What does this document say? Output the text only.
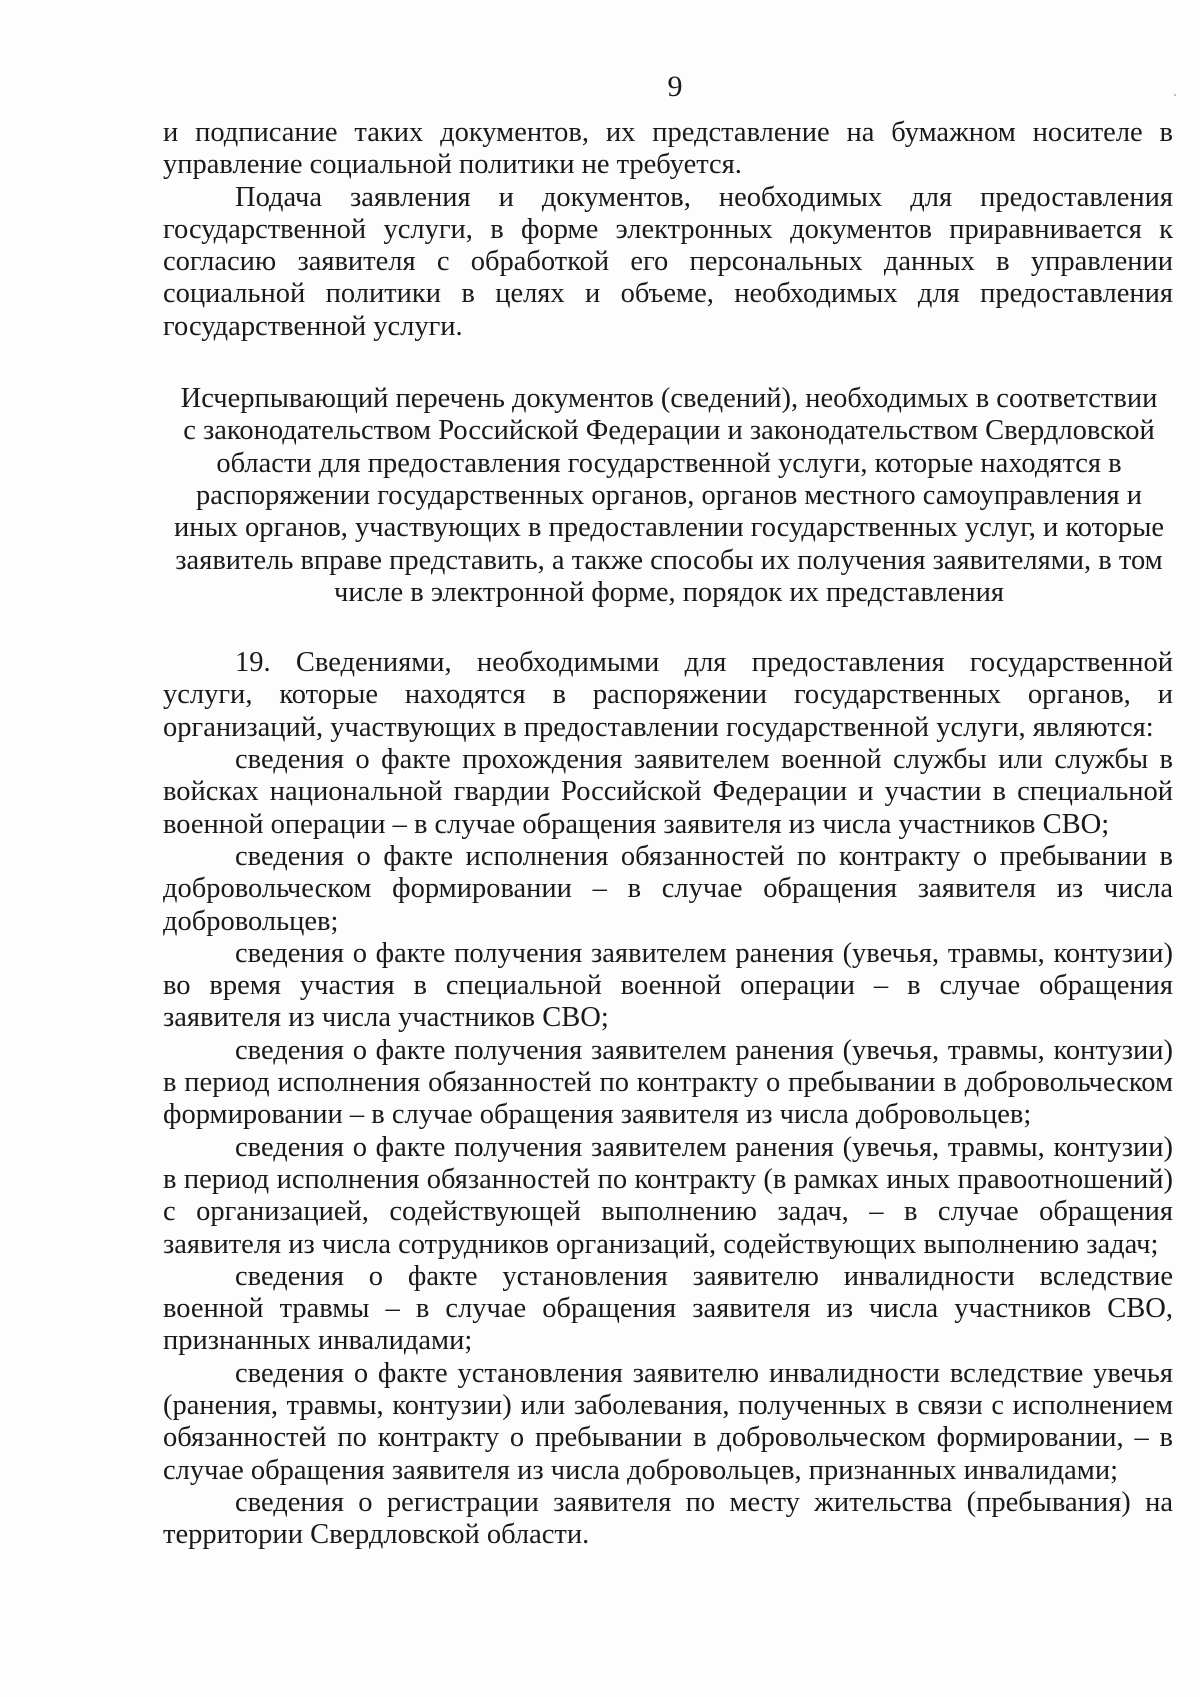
9

и подписание таких документов, их представление на бумажном носителе в управление социальной политики не требуется.

Подача заявления и документов, необходимых для предоставления государственной услуги, в форме электронных документов приравнивается к согласию заявителя с обработкой его персональных данных в управлении социальной политики в целях и объеме, необходимых для предоставления государственной услуги.

Исчерпывающий перечень документов (сведений), необходимых в соответствии с законодательством Российской Федерации и законодательством Свердловской области для предоставления государственной услуги, которые находятся в распоряжении государственных органов, органов местного самоуправления и иных органов, участвующих в предоставлении государственных услуг, и которые заявитель вправе представить, а также способы их получения заявителями, в том числе в электронной форме, порядок их представления

19. Сведениями, необходимыми для предоставления государственной услуги, которые находятся в распоряжении государственных органов, и организаций, участвующих в предоставлении государственной услуги, являются:

сведения о факте прохождения заявителем военной службы или службы в войсках национальной гвардии Российской Федерации и участии в специальной военной операции – в случае обращения заявителя из числа участников СВО;

сведения о факте исполнения обязанностей по контракту о пребывании в добровольческом формировании – в случае обращения заявителя из числа добровольцев;

сведения о факте получения заявителем ранения (увечья, травмы, контузии) во время участия в специальной военной операции – в случае обращения заявителя из числа участников СВО;

сведения о факте получения заявителем ранения (увечья, травмы, контузии) в период исполнения обязанностей по контракту о пребывании в добровольческом формировании – в случае обращения заявителя из числа добровольцев;

сведения о факте получения заявителем ранения (увечья, травмы, контузии) в период исполнения обязанностей по контракту (в рамках иных правоотношений) с организацией, содействующей выполнению задач, – в случае обращения заявителя из числа сотрудников организаций, содействующих выполнению задач;

сведения о факте установления заявителю инвалидности вследствие военной травмы – в случае обращения заявителя из числа участников СВО, признанных инвалидами;

сведения о факте установления заявителю инвалидности вследствие увечья (ранения, травмы, контузии) или заболевания, полученных в связи с исполнением обязанностей по контракту о пребывании в добровольческом формировании, – в случае обращения заявителя из числа добровольцев, признанных инвалидами;

сведения о регистрации заявителя по месту жительства (пребывания) на территории Свердловской области.
